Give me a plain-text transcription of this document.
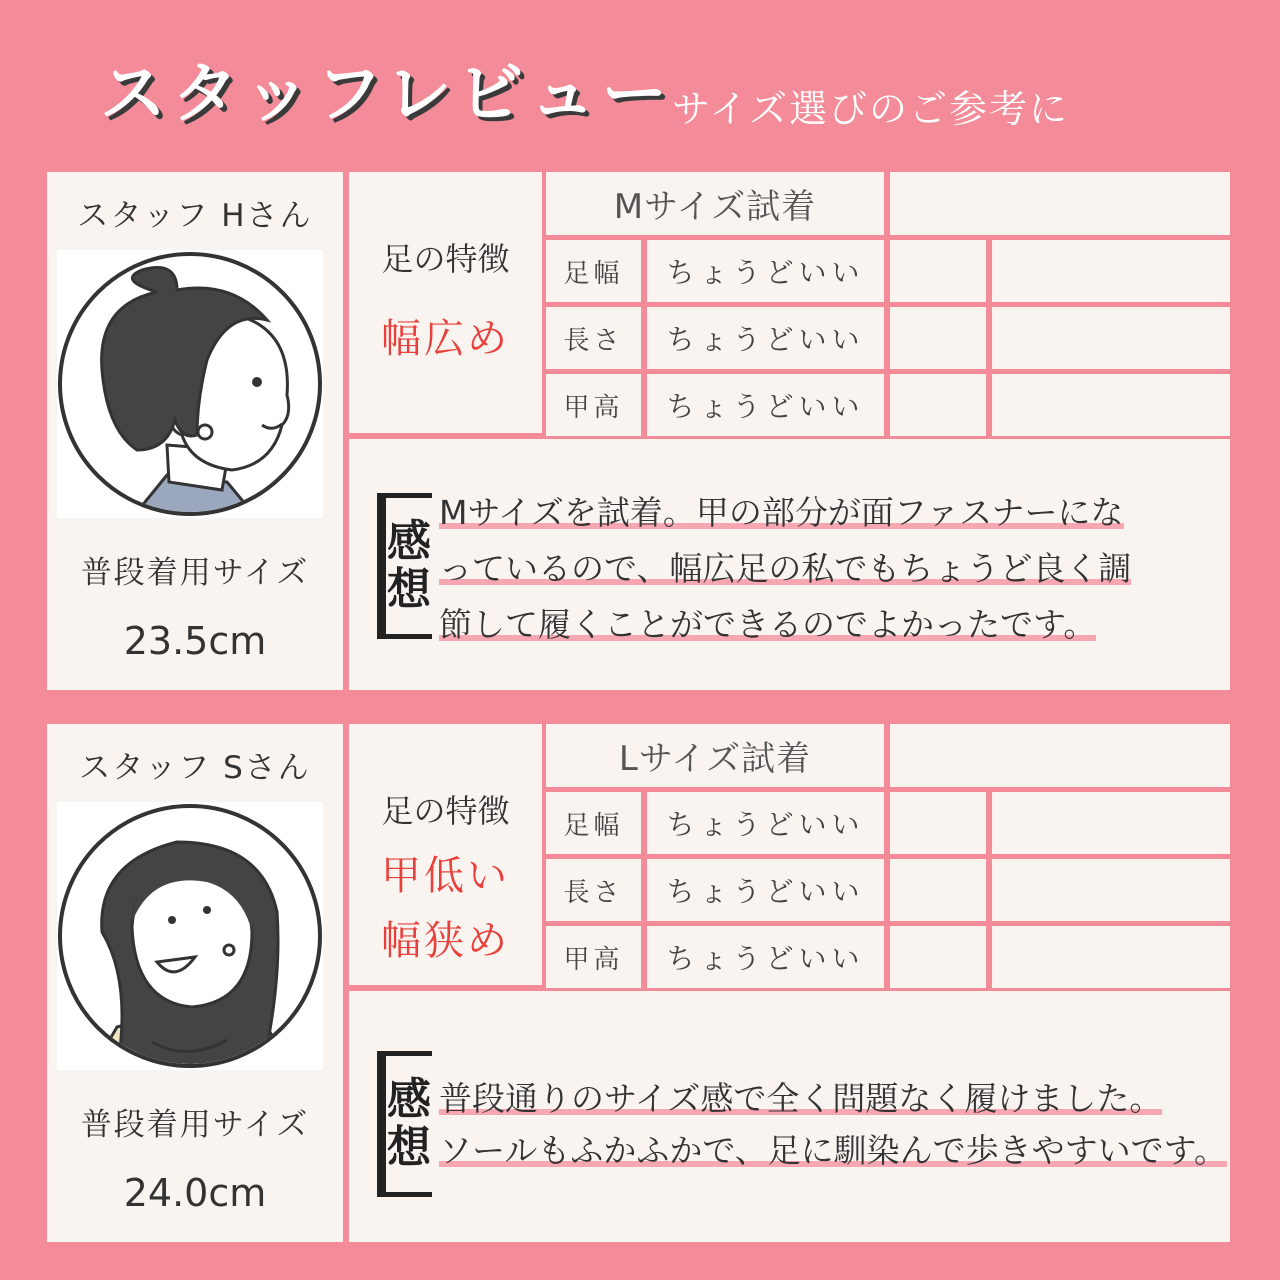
スタッフレビュー
サイズ選びのご参考に
スタッフ Hさん
普段着用サイズ
23.5cm
足の特徴
幅広め
Mサイズ試着
足幅 ちょうどいい
長さ ちょうどいい
甲高 ちょうどいい
感
想
Mサイズを試着。甲の部分が面ファスナーにな
っているので、幅広足の私でもちょうど良く調
節して履くことができるのでよかったです。
スタッフ Sさん
普段着用サイズ
24.0cm
足の特徴
甲低い
幅狭め
Lサイズ試着
足幅 ちょうどいい
長さ ちょうどいい
甲高 ちょうどいい
感
想
普段通りのサイズ感で全く問題なく履けました。
ソールもふかふかで、足に馴染んで歩きやすいです。
